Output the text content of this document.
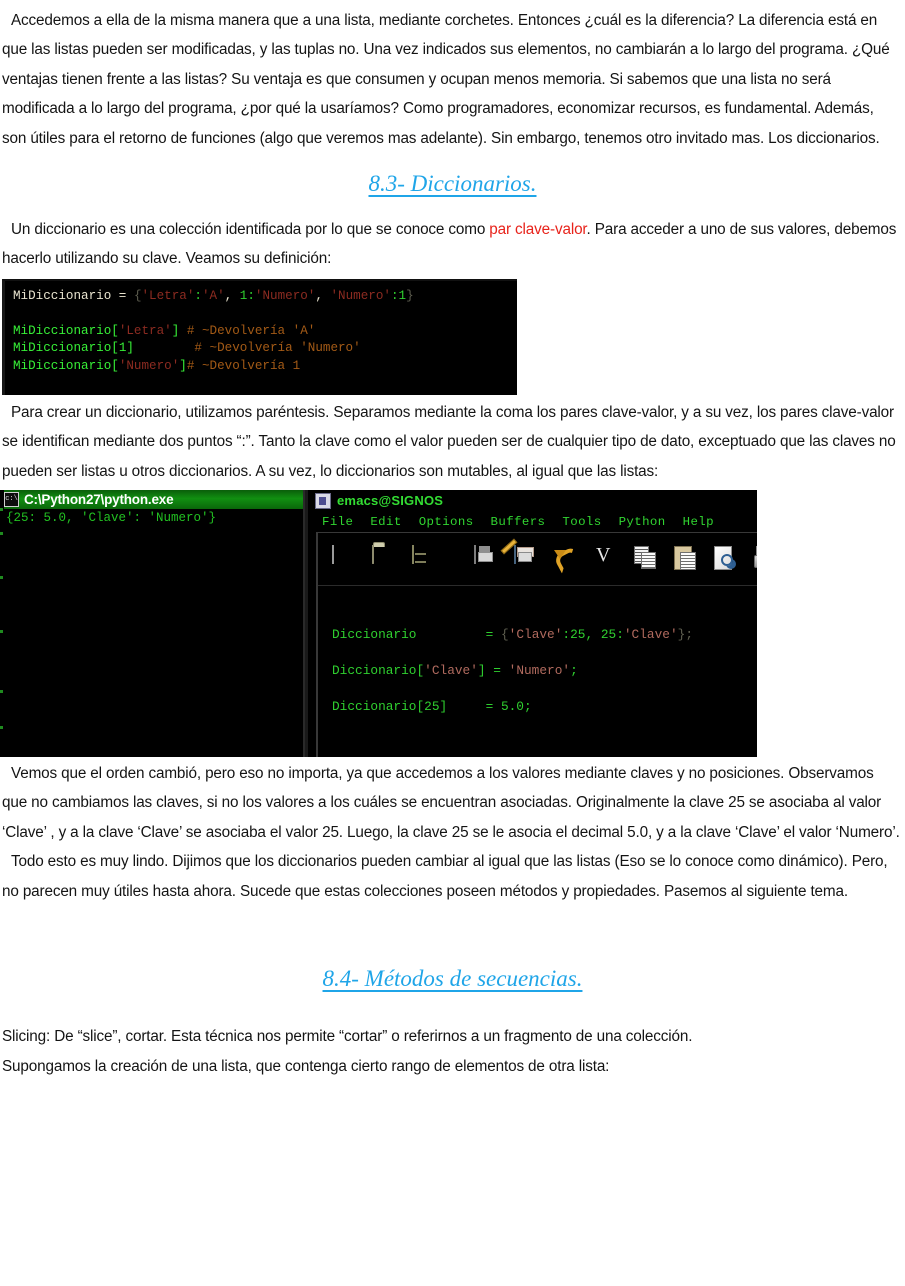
Accedemos a ella de la misma manera que a una lista, mediante corchetes. Entonces ¿cuál es la diferencia? La diferencia está en que las listas pueden ser modificadas, y las tuplas no. Una vez indicados sus elementos, no cambiarán a lo largo del programa. ¿Qué ventajas tienen frente a las listas? Su ventaja es que consumen y ocupan menos memoria. Si sabemos que una lista no será modificada a lo largo del programa, ¿por qué la usaríamos? Como programadores, economizar recursos, es fundamental. Además, son útiles para el retorno de funciones (algo que veremos mas adelante). Sin embargo, tenemos otro invitado mas. Los diccionarios.

8.3- Diccionarios.

Un diccionario es una colección identificada por lo que se conoce como par clave-valor. Para acceder a uno de sus valores, debemos hacerlo utilizando su clave. Veamos su definición:

MiDiccionario = {'Letra':'A', 1:'Numero', 'Numero':1}

MiDiccionario['Letra'] # ~Devolvería 'A'
MiDiccionario[1]	# ~Devolvería 'Numero'
MiDiccionario['Numero']# ~Devolvería 1

Para crear un diccionario, utilizamos paréntesis. Separamos mediante la coma los pares clave-valor, y a su vez, los pares clave-valor se identifican mediante dos puntos “:”. Tanto la clave como el valor pueden ser de cualquier tipo de dato, exceptuado que las claves no pueden ser listas u otros diccionarios. A su vez, lo diccionarios son mutables, al igual que las listas:

c:\ C:\Python27\python.exe
{25: 5.0, 'Clave': 'Numero'}
emacs@SIGNOS
File Edit Options Buffers Tools Python Help

Diccionario	= {'Clave':25, 25:'Clave'};

Diccionario['Clave'] = 'Numero';

Diccionario[25]     = 5.0;

Vemos que el orden cambió, pero eso no importa, ya que accedemos a los valores mediante claves y no posiciones. Observamos que no cambiamos las claves, si no los valores a los cuáles se encuentran asociadas. Originalmente la clave 25 se asociaba al valor ‘Clave’ , y a la clave ‘Clave’ se asociaba el valor 25. Luego, la clave 25 se le asocia el decimal 5.0, y a la clave ‘Clave’ el valor ‘Numero’.

Todo esto es muy lindo. Dijimos que los diccionarios pueden cambiar al igual que las listas (Eso se lo conoce como dinámico). Pero, no parecen muy útiles hasta ahora. Sucede que estas colecciones poseen métodos y propiedades. Pasemos al siguiente tema.

8.4- Métodos de secuencias.

Slicing: De “slice”, cortar. Esta técnica nos permite “cortar” o referirnos a un fragmento de una colección.

Supongamos la creación de una lista, que contenga cierto rango de elementos de otra lista:
